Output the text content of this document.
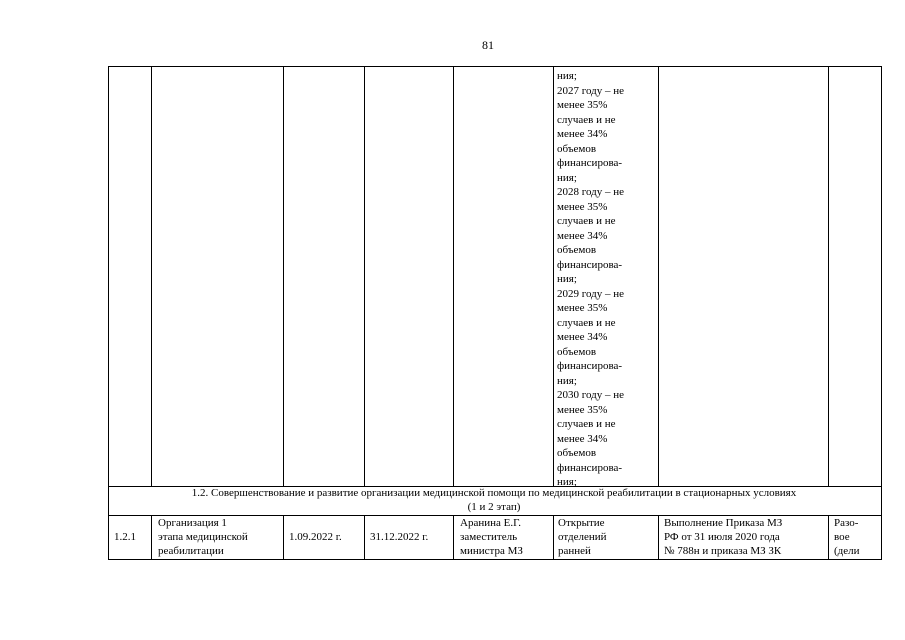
81
ния;
2027 году – не
менее 35%
случаев и не
менее 34%
объемов
финансирова-
ния;
2028 году – не
менее 35%
случаев и не
менее 34%
объемов
финансирова-
ния;
2029 году – не
менее 35%
случаев и не
менее 34%
объемов
финансирова-
ния;
2030 году – не
менее 35%
случаев и не
менее 34%
объемов
финансирова-
ния;
1.2. Совершенствование и развитие организации медицинской помощи по медицинской реабилитации в стационарных условиях
(1 и 2 этап)
1.2.1
Организация 1
этапа медицинской
реабилитации
1.09.2022 г.	31.12.2022 г.
Аранина Е.Г.
заместитель
министра МЗ
Открытие
отделений
ранней
Выполнение Приказа МЗ
РФ от 31 июля 2020 года
№ 788н и приказа МЗ ЗК
Разо-
вое
(дели
